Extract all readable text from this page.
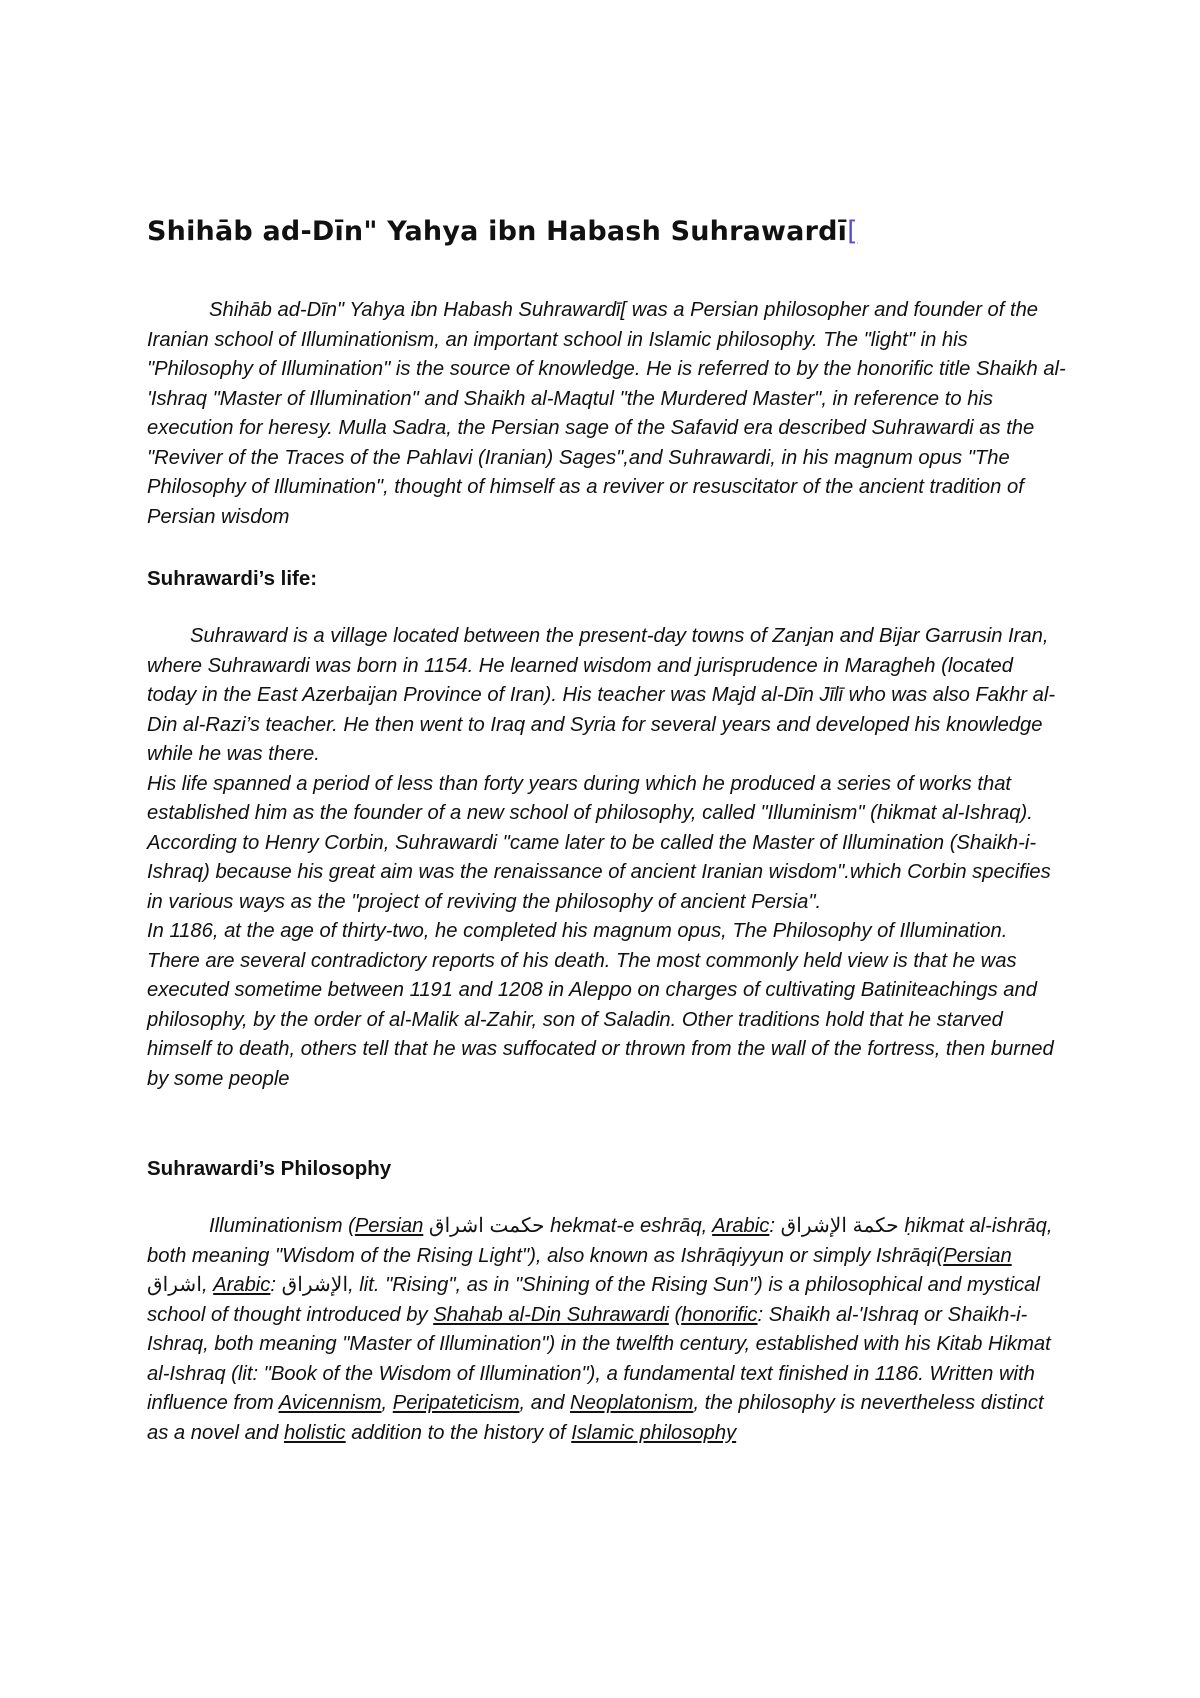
Shihāb ad-Dīn" Yahya ibn Habash Suhrawardī[

Shihāb ad-Dīn" Yahya ibn Habash Suhrawardī[ was a Persian philosopher and founder of the Iranian school of Illuminationism, an important school in Islamic philosophy. The "light" in his "Philosophy of Illumination" is the source of knowledge. He is referred to by the honorific title Shaikh al-'Ishraq "Master of Illumination" and Shaikh al-Maqtul "the Murdered Master", in reference to his execution for heresy. Mulla Sadra, the Persian sage of the Safavid era described Suhrawardi as the "Reviver of the Traces of the Pahlavi (Iranian) Sages",and Suhrawardi, in his magnum opus "The Philosophy of Illumination", thought of himself as a reviver or resuscitator of the ancient tradition of Persian wisdom

Suhrawardi’s life:

Suhraward is a village located between the present-day towns of Zanjan and Bijar Garrusin Iran, where Suhrawardi was born in 1154. He learned wisdom and jurisprudence in Maragheh (located today in the East Azerbaijan Province of Iran). His teacher was Majd al-Dīn Jīlī who was also Fakhr al-Din al-Razi’s teacher. He then went to Iraq and Syria for several years and developed his knowledge while he was there.

His life spanned a period of less than forty years during which he produced a series of works that established him as the founder of a new school of philosophy, called "Illuminism" (hikmat al-Ishraq). According to Henry Corbin, Suhrawardi "came later to be called the Master of Illumination (Shaikh-i-Ishraq) because his great aim was the renaissance of ancient Iranian wisdom".which Corbin specifies in various ways as the "project of reviving the philosophy of ancient Persia".

In 1186, at the age of thirty-two, he completed his magnum opus, The Philosophy of Illumination.

There are several contradictory reports of his death. The most commonly held view is that he was executed sometime between 1191 and 1208 in Aleppo on charges of cultivating Batiniteachings and philosophy, by the order of al-Malik al-Zahir, son of Saladin. Other traditions hold that he starved himself to death, others tell that he was suffocated or thrown from the wall of the fortress, then burned by some people

Suhrawardi’s Philosophy

Illuminationism (Persian حکمت اشراق hekmat-e eshrāq, Arabic: حكمة الإشراق ḥikmat al-ishrāq, both meaning "Wisdom of the Rising Light"), also known as Ishrāqiyyun or simply Ishrāqi(Persian اشراق, Arabic: الإشراق, lit. "Rising", as in "Shining of the Rising Sun") is a philosophical and mystical school of thought introduced by Shahab al-Din Suhrawardi (honorific: Shaikh al-'Ishraq or Shaikh-i-Ishraq, both meaning "Master of Illumination") in the twelfth century, established with his Kitab Hikmat al-Ishraq (lit: "Book of the Wisdom of Illumination"), a fundamental text finished in 1186. Written with influence from Avicennism, Peripateticism, and Neoplatonism, the philosophy is nevertheless distinct as a novel and holistic addition to the history of Islamic philosophy
